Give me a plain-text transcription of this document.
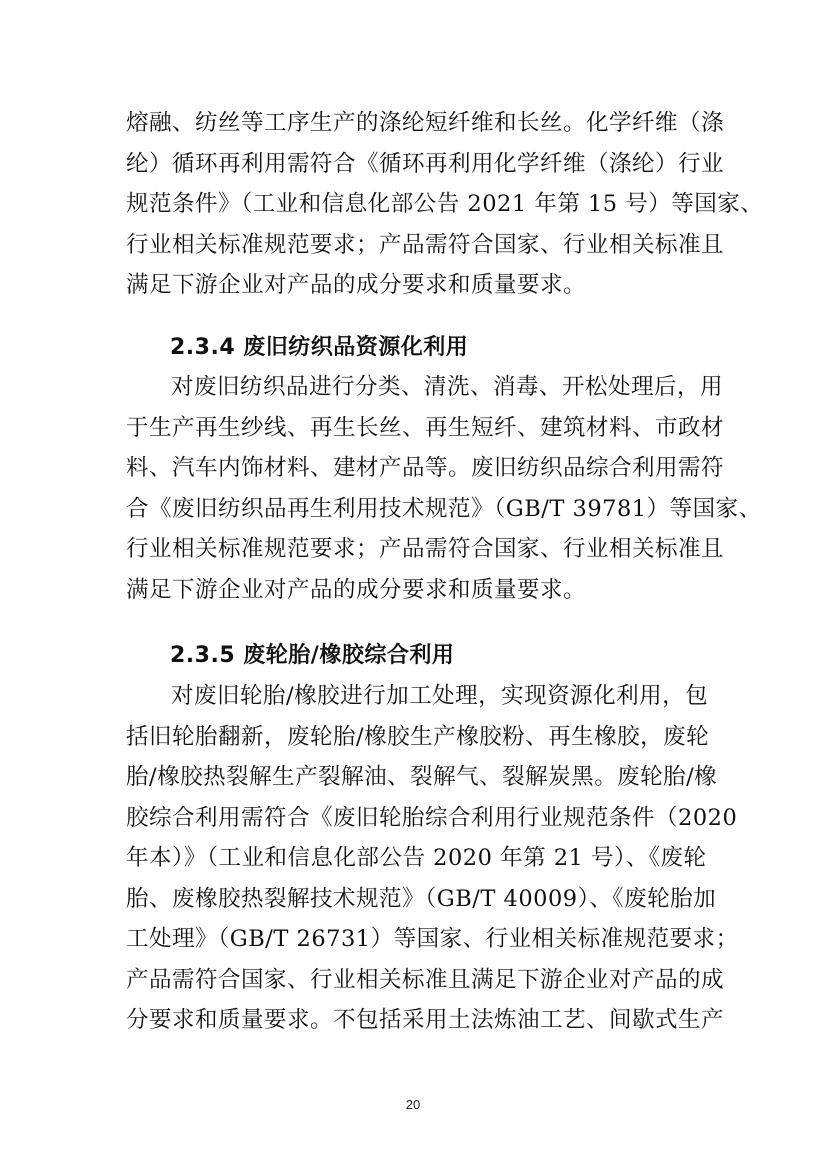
熔融、纺丝等工序生产的涤纶短纤维和长丝。化学纤维（涤
纶）循环再利用需符合《循环再利用化学纤维（涤纶）行业
规范条件》（工业和信息化部公告 2021 年第 15 号）等国家、
行业相关标准规范要求；产品需符合国家、行业相关标准且
满足下游企业对产品的成分要求和质量要求。
2.3.4 废旧纺织品资源化利用
对废旧纺织品进行分类、清洗、消毒、开松处理后，用
于生产再生纱线、再生长丝、再生短纤、建筑材料、市政材
料、汽车内饰材料、建材产品等。废旧纺织品综合利用需符
合《废旧纺织品再生利用技术规范》（GB/T 39781）等国家、
行业相关标准规范要求；产品需符合国家、行业相关标准且
满足下游企业对产品的成分要求和质量要求。
2.3.5 废轮胎/橡胶综合利用
对废旧轮胎/橡胶进行加工处理，实现资源化利用，包
括旧轮胎翻新，废轮胎/橡胶生产橡胶粉、再生橡胶，废轮
胎/橡胶热裂解生产裂解油、裂解气、裂解炭黑。废轮胎/橡
胶综合利用需符合《废旧轮胎综合利用行业规范条件（2020
年本）》（工业和信息化部公告 2020 年第 21 号）、《废轮
胎、废橡胶热裂解技术规范》（GB/T 40009）、《废轮胎加
工处理》（GB/T 26731）等国家、行业相关标准规范要求；
产品需符合国家、行业相关标准且满足下游企业对产品的成
分要求和质量要求。不包括采用土法炼油工艺、间歇式生产
20
